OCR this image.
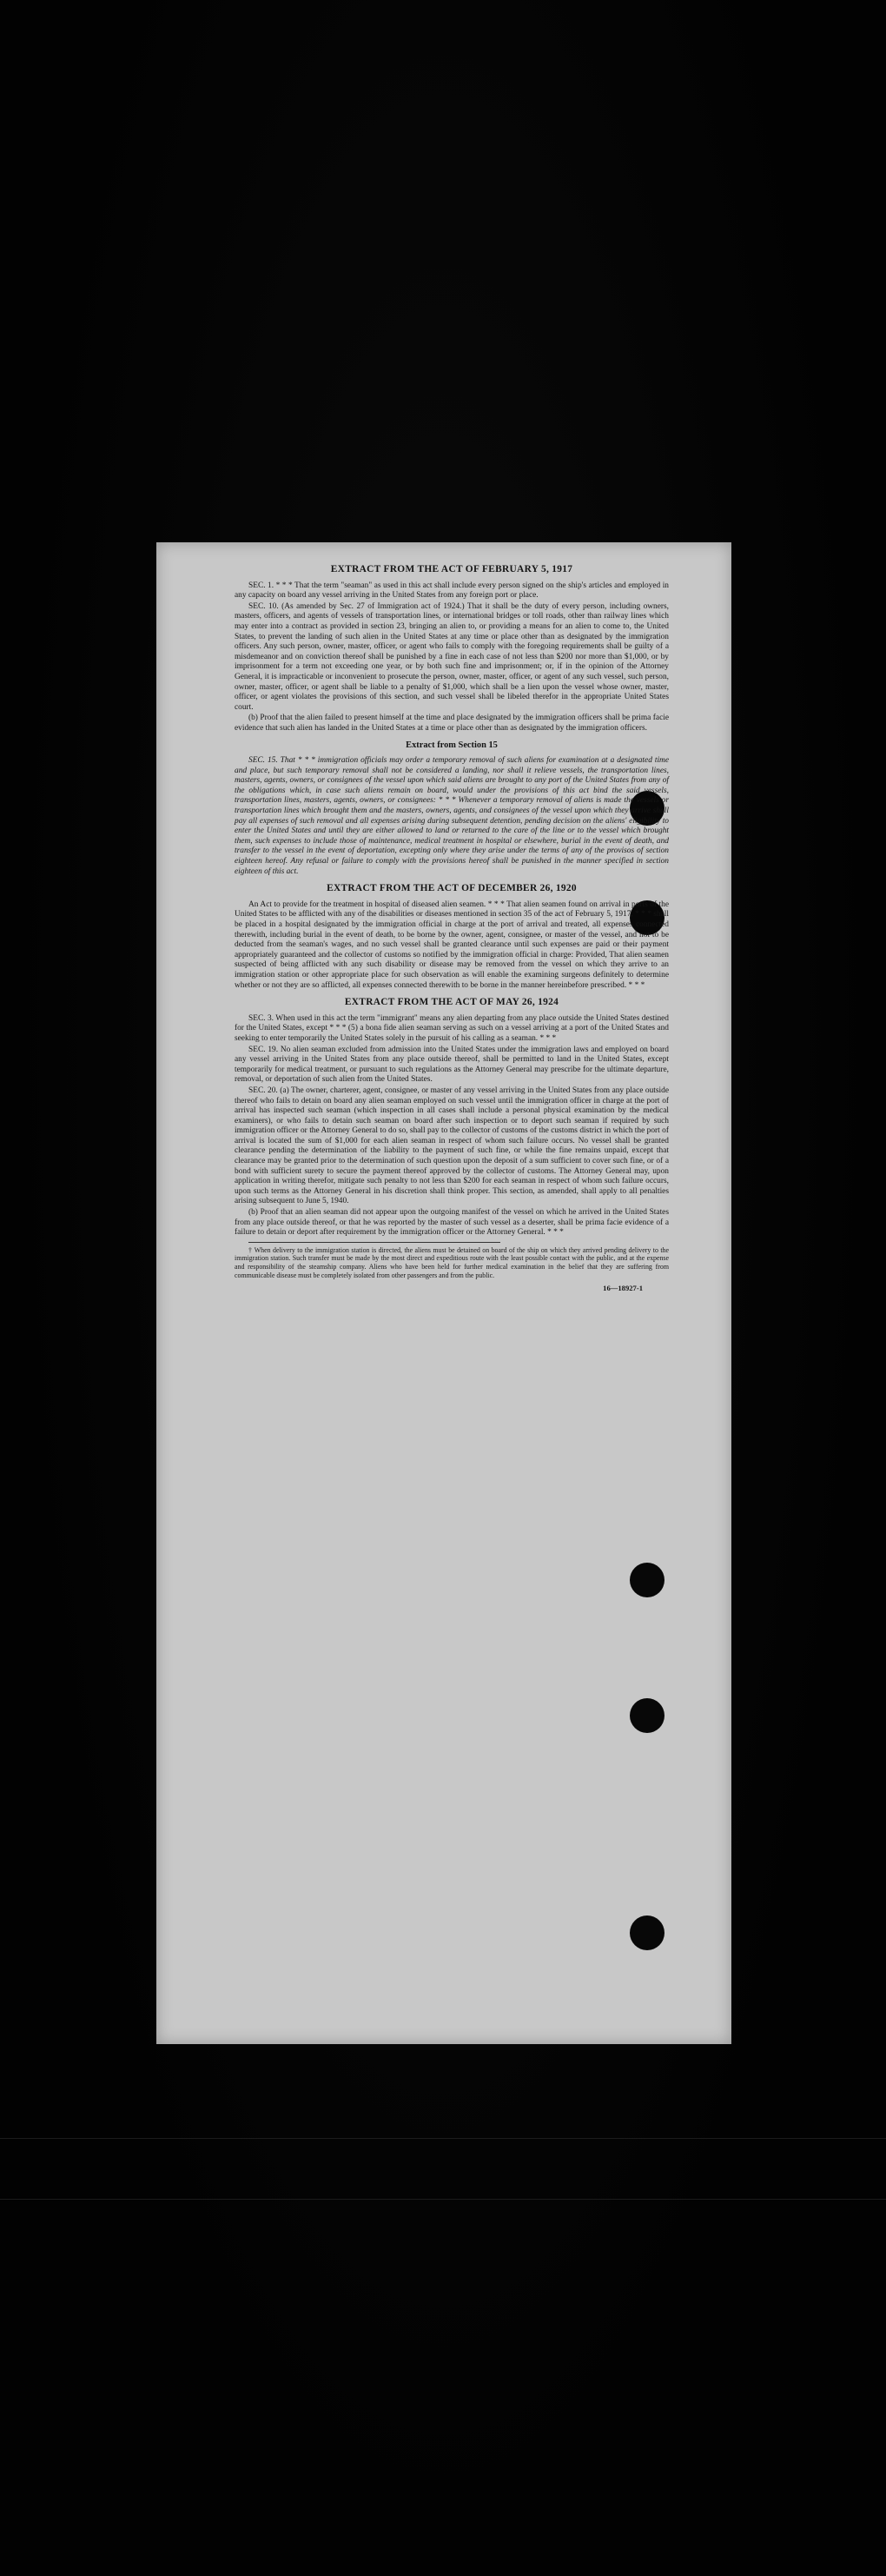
EXTRACT FROM THE ACT OF FEBRUARY 5, 1917

SEC. 1. * * * That the term "seaman" as used in this act shall include every person signed on the ship's articles and employed in any capacity on board any vessel arriving in the United States from any foreign port or place.

SEC. 10. (As amended by Sec. 27 of Immigration act of 1924.) That it shall be the duty of every person, including owners, masters, officers, and agents of vessels of transportation lines, or international bridges or toll roads, other than railway lines which may enter into a contract as provided in section 23, bringing an alien to, or providing a means for an alien to come to, the United States, to prevent the landing of such alien in the United States at any time or place other than as designated by the immigration officers. Any such person, owner, master, officer, or agent who fails to comply with the foregoing requirements shall be guilty of a misdemeanor and on conviction thereof shall be punished by a fine in each case of not less than $200 nor more than $1,000, or by imprisonment for a term not exceeding one year, or by both such fine and imprisonment; or, if in the opinion of the Attorney General, it is impracticable or inconvenient to prosecute the person, owner, master, officer, or agent of any such vessel, such person, owner, master, officer, or agent shall be liable to a penalty of $1,000, which shall be a lien upon the vessel whose owner, master, officer, or agent violates the provisions of this section, and such vessel shall be libeled therefor in the appropriate United States court.

(b) Proof that the alien failed to present himself at the time and place designated by the immigration officers shall be prima facie evidence that such alien has landed in the United States at a time or place other than as designated by the immigration officers.

Extract from Section 15

SEC. 15. That * * * immigration officials may order a temporary removal of such aliens for examination at a designated time and place, but such temporary removal shall not be considered a landing, nor shall it relieve vessels, the transportation lines, masters, agents, owners, or consignees of the vessel upon which said aliens are brought to any port of the United States from any of the obligations which, in case such aliens remain on board, would under the provisions of this act bind the said vessels, transportation lines, masters, agents, owners, or consignees: * * * Whenever a temporary removal of aliens is made the vessels or transportation lines which brought them and the masters, owners, agents, and consignees of the vessel upon which they arrive shall pay all expenses of such removal and all expenses arising during subsequent detention, pending decision on the aliens' eligibility to enter the United States and until they are either allowed to land or returned to the care of the line or to the vessel which brought them, such expenses to include those of maintenance, medical treatment in hospital or elsewhere, burial in the event of death, and transfer to the vessel in the event of deportation, excepting only where they arise under the terms of any of the provisos of section eighteen hereof. Any refusal or failure to comply with the provisions hereof shall be punished in the manner specified in section eighteen of this act.

EXTRACT FROM THE ACT OF DECEMBER 26, 1920

An Act to provide for the treatment in hospital of diseased alien seamen. * * * That alien seamen found on arrival in ports of the United States to be afflicted with any of the disabilities or diseases mentioned in section 35 of the act of February 5, 1917, * * * shall be placed in a hospital designated by the immigration official in charge at the port of arrival and treated, all expenses connected therewith, including burial in the event of death, to be borne by the owner, agent, consignee, or master of the vessel, and not to be deducted from the seaman's wages, and no such vessel shall be granted clearance until such expenses are paid or their payment appropriately guaranteed and the collector of customs so notified by the immigration official in charge: Provided, That alien seamen suspected of being afflicted with any such disability or disease may be removed from the vessel on which they arrive to an immigration station or other appropriate place for such observation as will enable the examining surgeons definitely to determine whether or not they are so afflicted, all expenses connected therewith to be borne in the manner hereinbefore prescribed. * * *

EXTRACT FROM THE ACT OF MAY 26, 1924

SEC. 3. When used in this act the term "immigrant" means any alien departing from any place outside the United States destined for the United States, except * * * (5) a bona fide alien seaman serving as such on a vessel arriving at a port of the United States and seeking to enter temporarily the United States solely in the pursuit of his calling as a seaman. * * *

SEC. 19. No alien seaman excluded from admission into the United States under the immigration laws and employed on board any vessel arriving in the United States from any place outside thereof, shall be permitted to land in the United States, except temporarily for medical treatment, or pursuant to such regulations as the Attorney General may prescribe for the ultimate departure, removal, or deportation of such alien from the United States.

SEC. 20. (a) The owner, charterer, agent, consignee, or master of any vessel arriving in the United States from any place outside thereof who fails to detain on board any alien seaman employed on such vessel until the immigration officer in charge at the port of arrival has inspected such seaman (which inspection in all cases shall include a personal physical examination by the medical examiners), or who fails to detain such seaman on board after such inspection or to deport such seaman if required by such immigration officer or the Attorney General to do so, shall pay to the collector of customs of the customs district in which the port of arrival is located the sum of $1,000 for each alien seaman in respect of whom such failure occurs. No vessel shall be granted clearance pending the determination of the liability to the payment of such fine, or while the fine remains unpaid, except that clearance may be granted prior to the determination of such question upon the deposit of a sum sufficient to cover such fine, or of a bond with sufficient surety to secure the payment thereof approved by the collector of customs. The Attorney General may, upon application in writing therefor, mitigate such penalty to not less than $200 for each seaman in respect of whom such failure occurs, upon such terms as the Attorney General in his discretion shall think proper. This section, as amended, shall apply to all penalties arising subsequent to June 5, 1940.

(b) Proof that an alien seaman did not appear upon the outgoing manifest of the vessel on which he arrived in the United States from any place outside thereof, or that he was reported by the master of such vessel as a deserter, shall be prima facie evidence of a failure to detain or deport after requirement by the immigration officer or the Attorney General. * * *

† When delivery to the immigration station is directed, the aliens must be detained on board of the ship on which they arrived pending delivery to the immigration station. Such transfer must be made by the most direct and expeditious route with the least possible contact with the public, and at the expense and responsibility of the steamship company. Aliens who have been held for further medical examination in the belief that they are suffering from communicable disease must be completely isolated from other passengers and from the public.

16—18927-1
